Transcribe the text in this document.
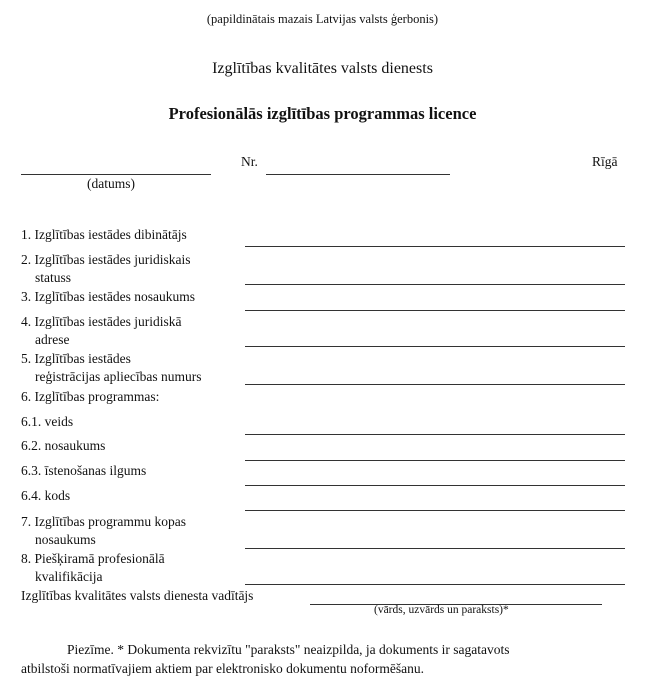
(papildinātais mazais Latvijas valsts ģerbonis)
Izglītības kvalitātes valsts dienests
Profesionālās izglītības programmas licence
(datums)
Nr.	Rīgā
1. Izglītības iestādes dibinātājs
2. Izglītības iestādes juridiskais
statuss
3. Izglītības iestādes nosaukums
4. Izglītības iestādes juridiskā
adrese
5. Izglītības iestādes
reģistrācijas apliecības numurs
6. Izglītības programmas:
6.1. veids
6.2. nosaukums
6.3. īstenošanas ilgums
6.4. kods
7. Izglītības programmu kopas
nosaukums
8. Piešķiramā profesionālā
kvalifikācija
Izglītības kvalitātes valsts dienesta vadītājs
(vārds, uzvārds un paraksts)*
Piezīme. * Dokumenta rekvizītu "paraksts" neaizpilda, ja dokuments ir sagatavots
atbilstoši normatīvajiem aktiem par elektronisko dokumentu noformēšanu.
